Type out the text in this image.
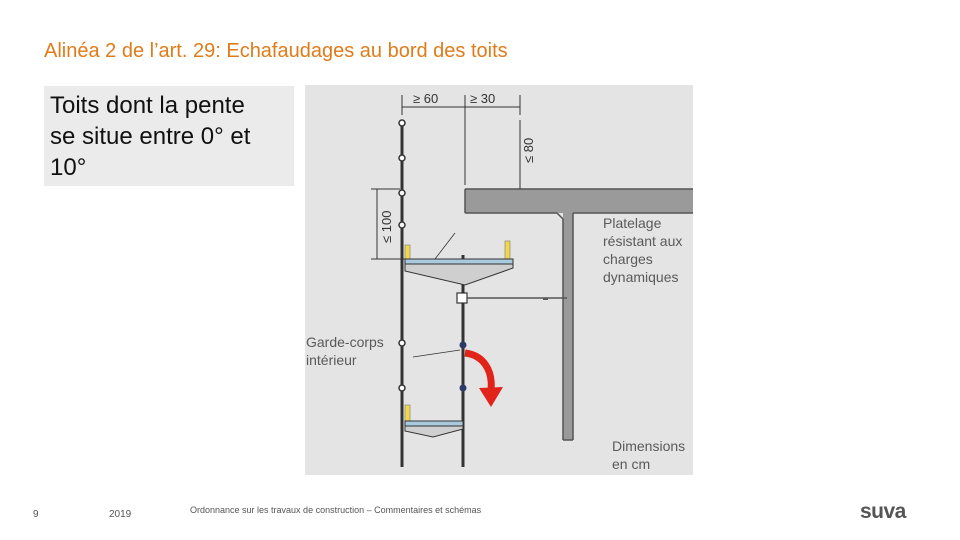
Alinéa 2 de l’art. 29: Echafaudages au bord des toits

Toits dont la pente
se situe entre 0° et
10°

▬
≥ 60 ≥ 30
≤ 80
≤ 100	Platelage
résistant aux
charges
dynamiques
Garde-corps
intérieur
Dimensions
en cm
9	2019	Ordonnance sur les travaux de construction – Commentaires et schémas	suva
